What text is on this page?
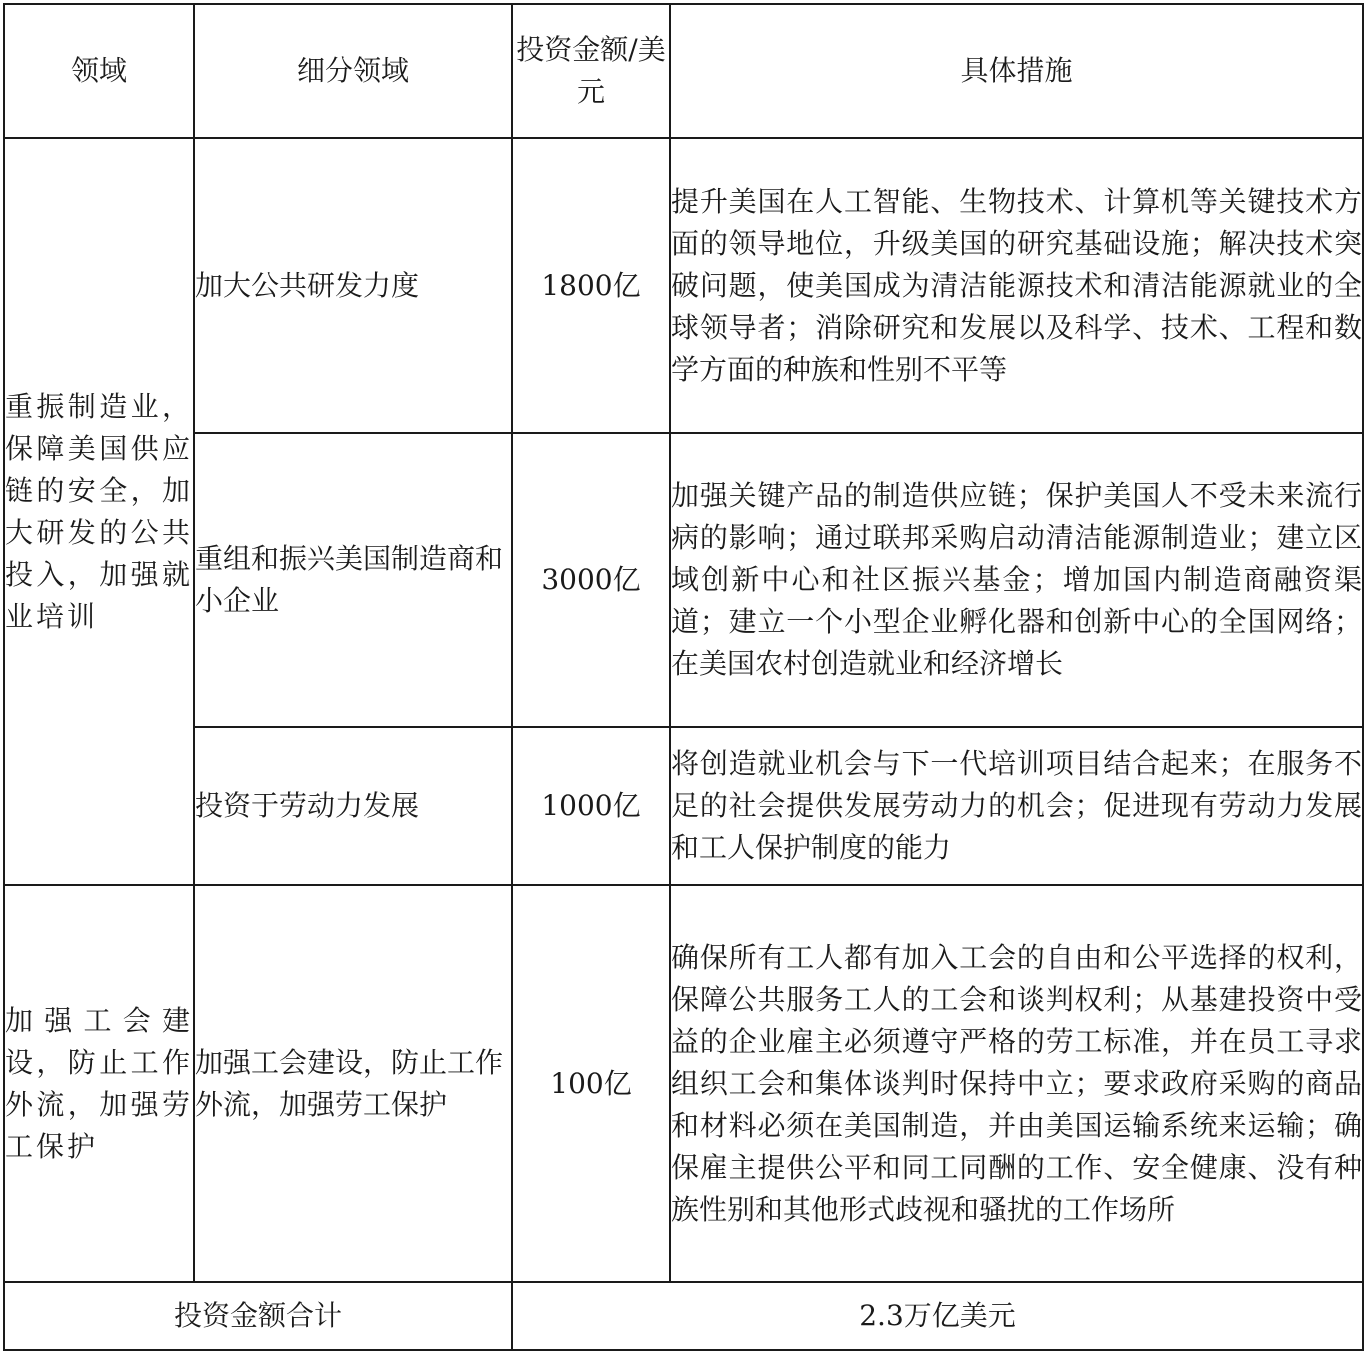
领域	细分领域	投资金额/美元	具体措施
重振制造业，保障美国供应链的安全，加大研发的公共投入，加强就业培训	加大公共研发力度	1800亿	提升美国在人工智能、生物技术、计算机等关键技术方面的领导地位，升级美国的研究基础设施；解决技术突破问题，使美国成为清洁能源技术和清洁能源就业的全球领导者；消除研究和发展以及科学、技术、工程和数学方面的种族和性别不平等
	重组和振兴美国制造商和小企业	3000亿	加强关键产品的制造供应链；保护美国人不受未来流行病的影响；通过联邦采购启动清洁能源制造业；建立区域创新中心和社区振兴基金；增加国内制造商融资渠道；建立一个小型企业孵化器和创新中心的全国网络；在美国农村创造就业和经济增长
	投资于劳动力发展	1000亿	将创造就业机会与下一代培训项目结合起来；在服务不足的社会提供发展劳动力的机会；促进现有劳动力发展和工人保护制度的能力
加强工会建设，防止工作外流，加强劳工保护	加强工会建设，防止工作外流，加强劳工保护	100亿	确保所有工人都有加入工会的自由和公平选择的权利，保障公共服务工人的工会和谈判权利；从基建投资中受益的企业雇主必须遵守严格的劳工标准，并在员工寻求组织工会和集体谈判时保持中立；要求政府采购的商品和材料必须在美国制造，并由美国运输系统来运输；确保雇主提供公平和同工同酬的工作、安全健康、没有种族性别和其他形式歧视和骚扰的工作场所
投资金额合计		2.3万亿美元	
